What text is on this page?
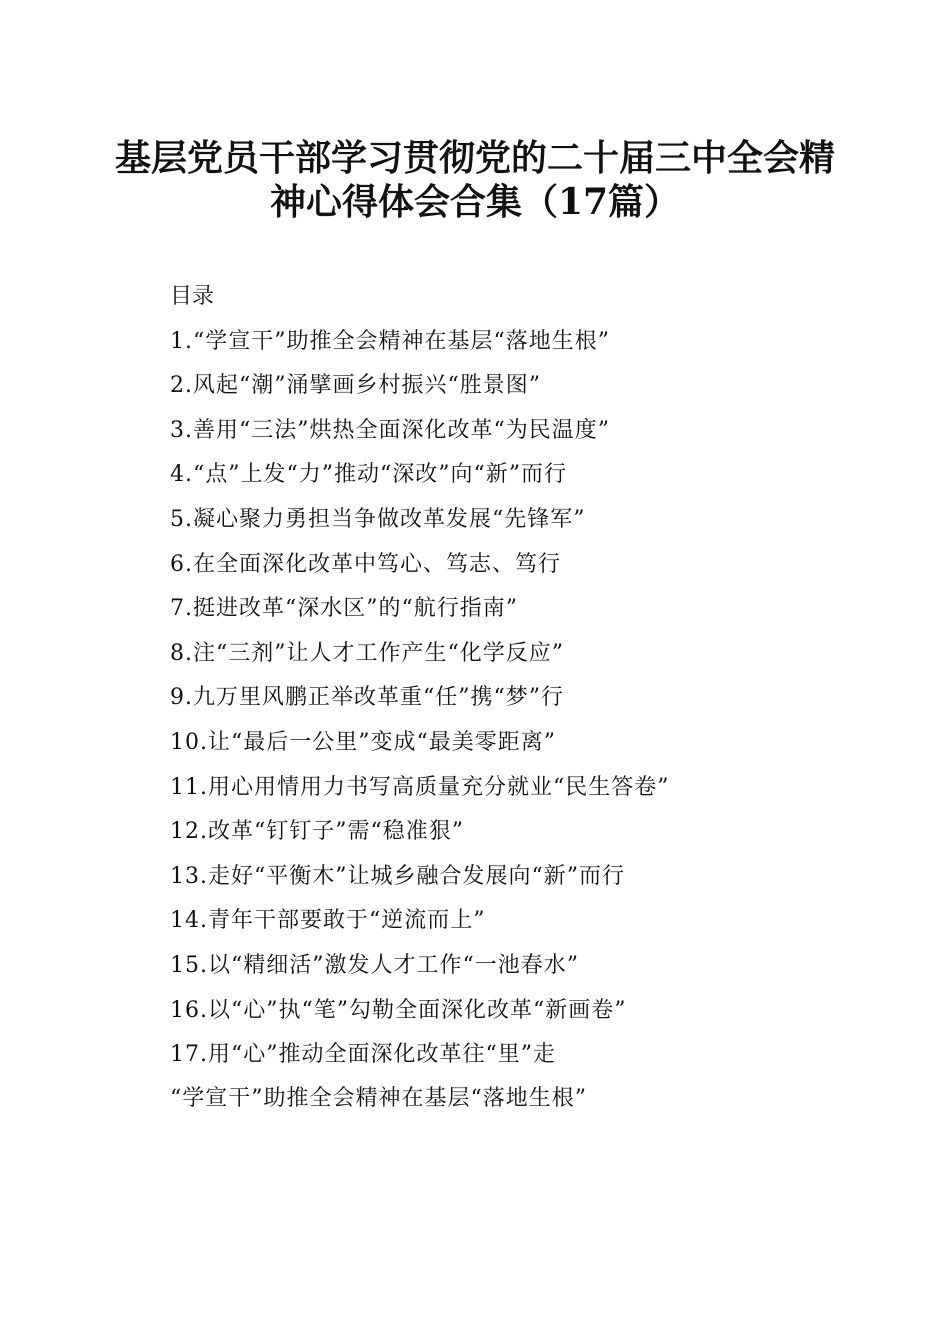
基层党员干部学习贯彻党的二十届三中全会精
神心得体会合集（17篇）
目录
1.“学宣干”助推全会精神在基层“落地生根”
2.风起“潮”涌擘画乡村振兴“胜景图”
3.善用“三法”烘热全面深化改革“为民温度”
4.“点”上发“力”推动“深改”向“新”而行
5.凝心聚力勇担当争做改革发展“先锋军”
6.在全面深化改革中笃心、笃志、笃行
7.挺进改革“深水区”的“航行指南”
8.注“三剂”让人才工作产生“化学反应”
9.九万里风鹏正举改革重“任”携“梦”行
10.让“最后一公里”变成“最美零距离”
11.用心用情用力书写高质量充分就业“民生答卷”
12.改革“钉钉子”需“稳准狠”
13.走好“平衡木”让城乡融合发展向“新”而行
14.青年干部要敢于“逆流而上”
15.以“精细活”激发人才工作“一池春水”
16.以“心”执“笔”勾勒全面深化改革“新画卷”
17.用“心”推动全面深化改革往“里”走
“学宣干”助推全会精神在基层“落地生根”
